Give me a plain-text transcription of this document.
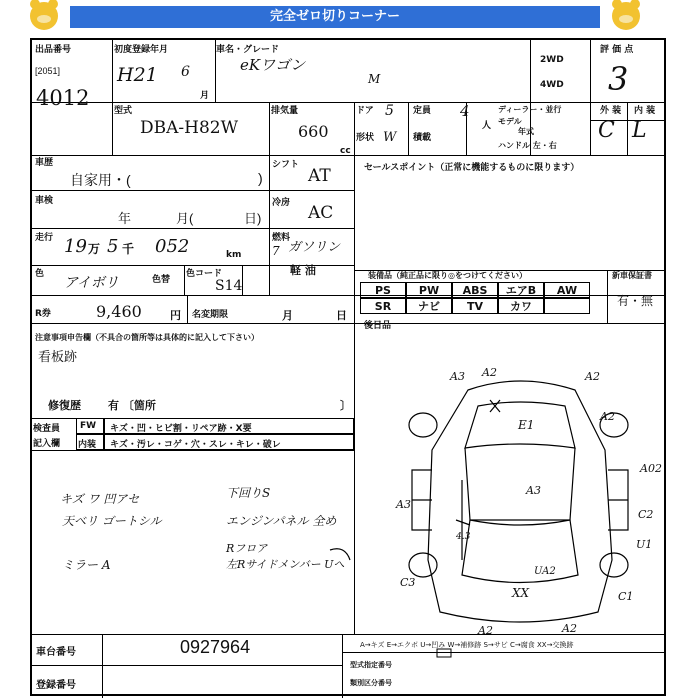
完全ゼロ切りコーナー
出品番号
[2051]
4012
初度登録年月
H21 6
月
車名・グレード
eKワゴン
M
2WD
4WD
評 価 点
3
型式
DBA-H82W
排気量
660
cc
ドア 5 定員 4
人
形状 W 積載
ディーラー・並行
モデル
年式
ハンドル 左・右
外 装 内 装
C L
車歴
自家用・(	)
シフト
AT
車検
年	月(	日)
冷房 AC
走行 19 万 5 千 052	km
燃料
7 ガソリン
軽 油
色
アイボリ	色替
色コード
S14
R券	9,460	円 名変期限	月	日
セールスポイント（正常に機能するものに限ります）
装備品（純正品に限り◎をつけてください）	新車保証書
有・無
PS	PW	ABS	エアB	AW
SR	ナビ	TV	カワ
後日品
注意事項申告欄（不具合の箇所等は具体的に記入して下さい）
看板跡
修復歴 有 〔箇所	〕
検査員
記入欄
FW キズ・凹・ヒビ割・リペア跡・X要
内装 キズ・汚レ・コゲ・穴・スレ・キレ・破レ
キズ ワ 凹アセ
天ベリ ゴートシル
ミラー A
下回りS
エンジンパネル 全め
Rフロア
左Rサイドメンバー Uへ
A3 A2	A2
E1
A02
A3
A3
C2
U1
C3
A2
XX	C1
A2
A2
UA2
4.3
A→キズ E→エクボ U→凹み W→補修跡 S→サビ C→腐食 XX→交換跡
車台番号	0927964
登録番号
型式指定番号
類別区分番号
